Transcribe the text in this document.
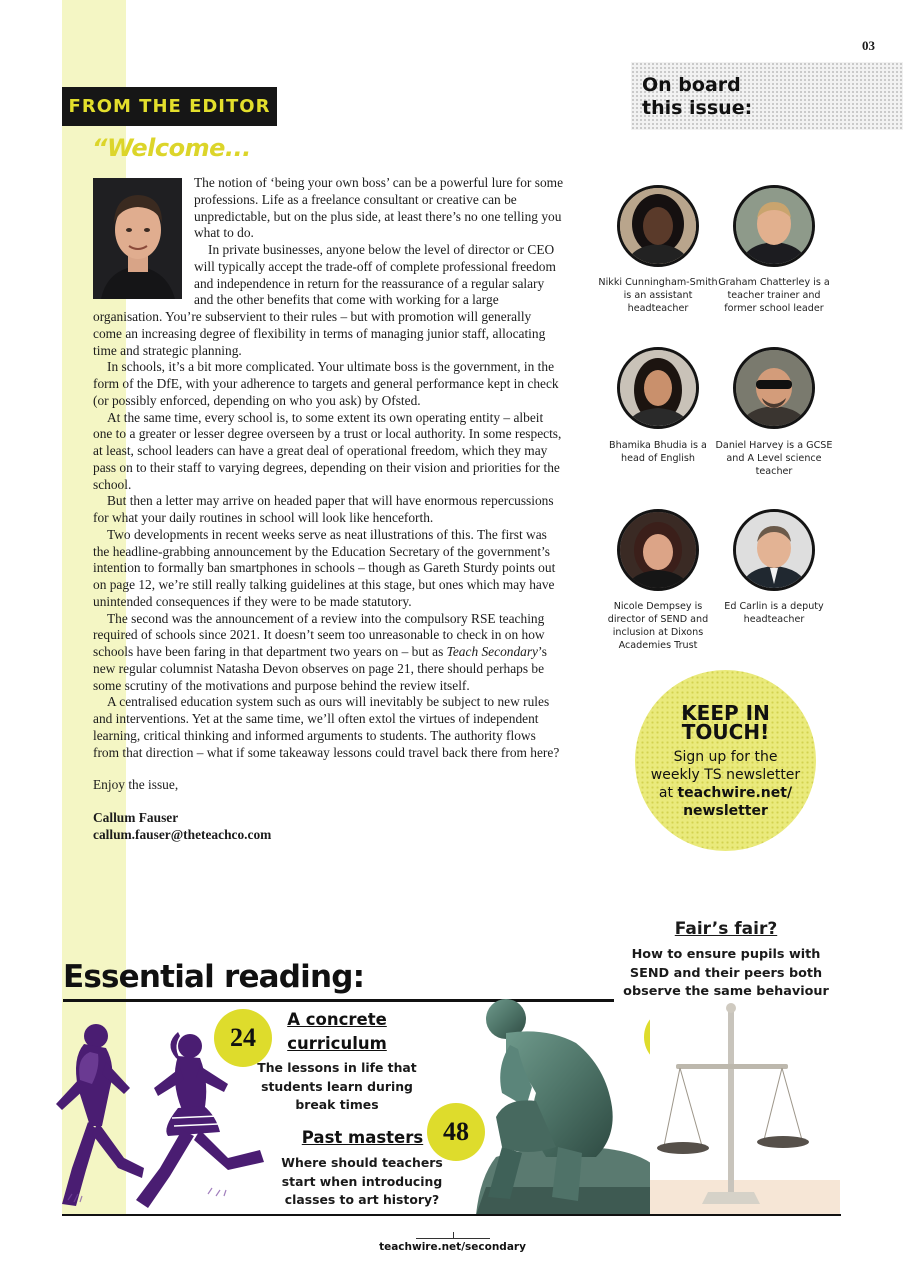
03
FROM THE EDITOR
“Welcome...

The notion of ‘being your own boss’ can be a powerful lure for some professions. Life as a freelance consultant or creative can be unpredictable, but on the plus side, at least there’s no one telling you what to do.

In private businesses, anyone below the level of director or CEO will typically accept the trade-off of complete professional freedom and independence in return for the reassurance of a regular salary and the other benefits that come with working for a large organisation. You’re subservient to their rules – but with promotion will generally come an increasing degree of flexibility in terms of managing junior staff, allocating time and strategic planning.

In schools, it’s a bit more complicated. Your ultimate boss is the government, in the form of the DfE, with your adherence to targets and general performance kept in check (or possibly enforced, depending on who you ask) by Ofsted.

At the same time, every school is, to some extent its own operating entity – albeit one to a greater or lesser degree overseen by a trust or local authority. In some respects, at least, school leaders can have a great deal of operational freedom, which they may pass on to their staff to varying degrees, depending on their vision and priorities for the school.

But then a letter may arrive on headed paper that will have enormous repercussions for what your daily routines in school will look like henceforth.

Two developments in recent weeks serve as neat illustrations of this. The first was the headline-grabbing announcement by the Education Secretary of the government’s intention to formally ban smartphones in schools – though as Gareth Sturdy points out on page 12, we’re still really talking guidelines at this stage, but ones which may have unintended consequences if they were to be made statutory.

The second was the announcement of a review into the compulsory RSE teaching required of schools since 2021. It doesn’t seem too unreasonable to check in on how schools have been faring in that department two years on – but as Teach Secondary’s new regular columnist Natasha Devon observes on page 21, there should perhaps be some scrutiny of the motivations and purpose behind the review itself.

A centralised education system such as ours will inevitably be subject to new rules and interventions. Yet at the same time, we’ll often extol the virtues of independent learning, critical thinking and informed arguments to students. The authority flows from that direction – what if some takeaway lessons could travel back there from here?

Enjoy the issue,

Callum Fauser
callum.fauser@theteachco.com
On board
this issue:
Nikki Cunningham-Smith is an assistant headteacher
Graham Chatterley is a teacher trainer and former school leader
Bhamika Bhudia is a head of English
Daniel Harvey is a GCSE and A Level science teacher
Nicole Dempsey is director of SEND and inclusion at Dixons Academies Trust
Ed Carlin is a deputy headteacher
KEEP IN
TOUCH!
Sign up for the
weekly TS newsletter
at teachwire.net/
newsletter
Fair’s fair?
How to ensure pupils with SEND and their peers both observe the same behaviour
Essential reading:
24
A concrete
curriculum
The lessons in life that students learn during break times
Past masters 48
Where should teachers start when introducing classes to art history?
teachwire.net/secondary
